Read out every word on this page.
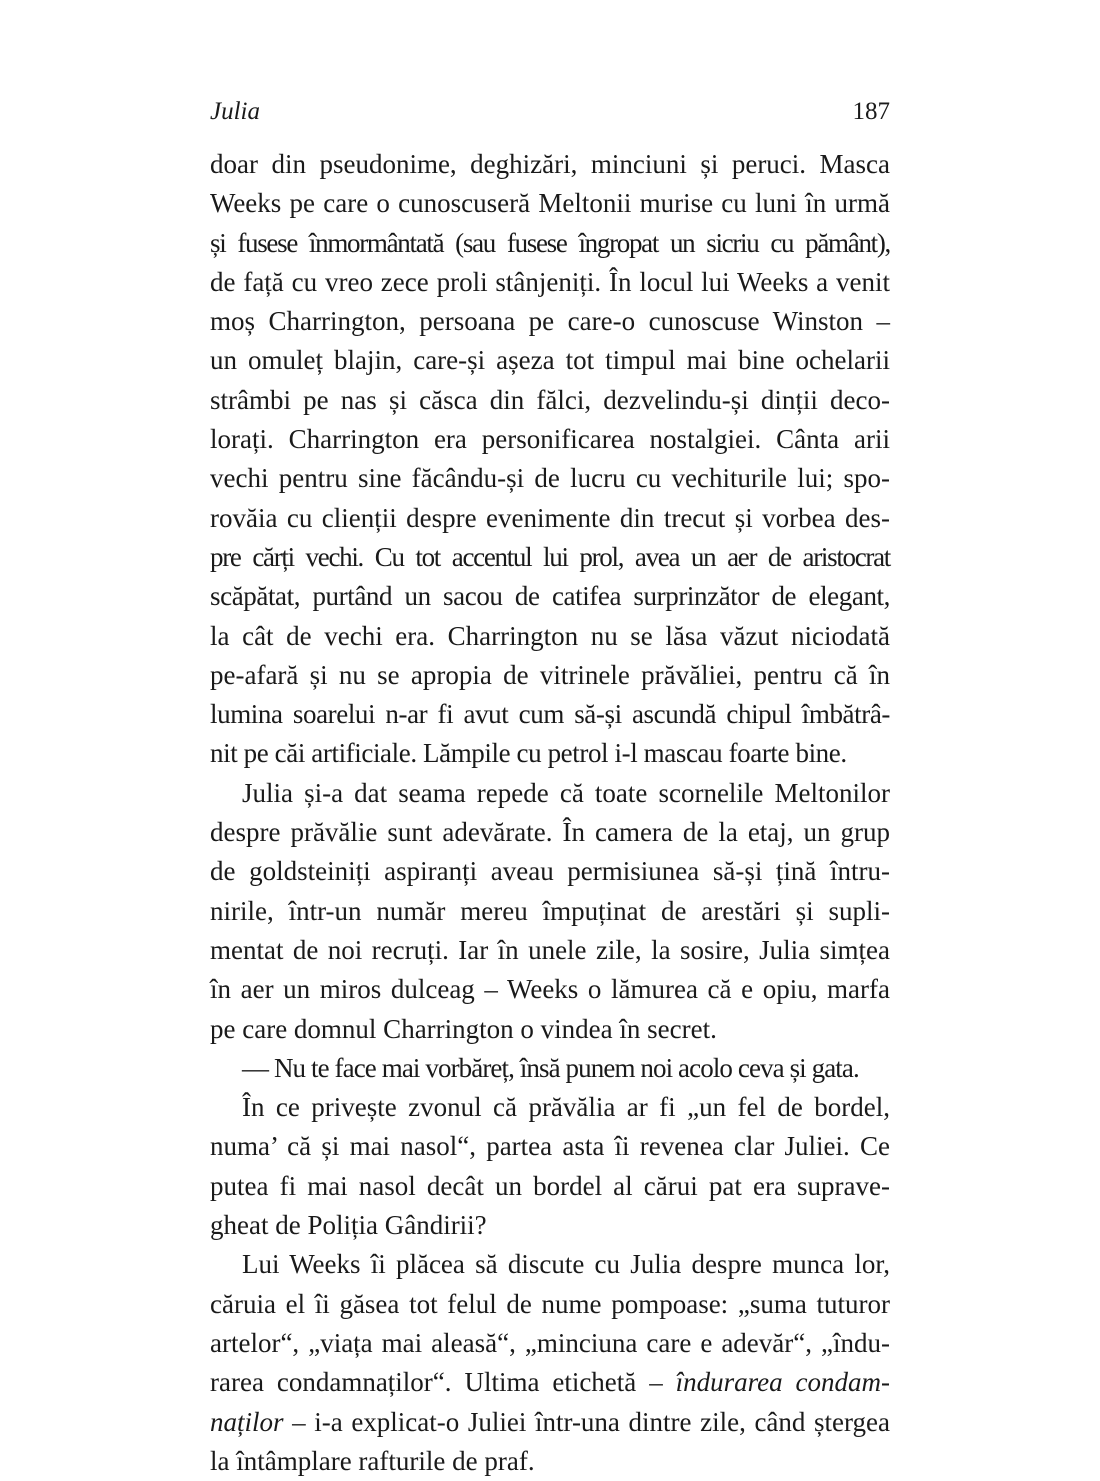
Julia	187
doar din pseudonime, deghizări, minciuni și peruci. Masca
Weeks pe care o cunoscuseră Meltonii murise cu luni în urmă
și fusese înmormântată (sau fusese îngropat un sicriu cu pământ),
de față cu vreo zece proli stânjeniți. În locul lui Weeks a venit
moș Charrington, persoana pe care-o cunoscuse Winston –
un omuleț blajin, care-și așeza tot timpul mai bine ochelarii
strâmbi pe nas și căsca din fălci, dezvelindu-și dinții deco-
lorați. Charrington era personificarea nostalgiei. Cânta arii
vechi pentru sine făcându-și de lucru cu vechiturile lui; spo-
rovăia cu clienții despre evenimente din trecut și vorbea des-
pre cărți vechi. Cu tot accentul lui prol, avea un aer de aristocrat
scăpătat, purtând un sacou de catifea surprinzător de elegant,
la cât de vechi era. Charrington nu se lăsa văzut niciodată
pe-afară și nu se apropia de vitrinele prăvăliei, pentru că în
lumina soarelui n-ar fi avut cum să-și ascundă chipul îmbătrâ-
nit pe căi artificiale. Lămpile cu petrol i-l mascau foarte bine.
Julia și-a dat seama repede că toate scornelile Meltonilor
despre prăvălie sunt adevărate. În camera de la etaj, un grup
de goldsteiniți aspiranți aveau permisiunea să-și țină întru-
nirile, într-un număr mereu împuținat de arestări și supli-
mentat de noi recruți. Iar în unele zile, la sosire, Julia simțea
în aer un miros dulceag – Weeks o lămurea că e opiu, marfa
pe care domnul Charrington o vindea în secret.
— Nu te face mai vorbăreț, însă punem noi acolo ceva și gata.
În ce privește zvonul că prăvălia ar fi „un fel de bordel,
numa’ că și mai nasol“, partea asta îi revenea clar Juliei. Ce
putea fi mai nasol decât un bordel al cărui pat era suprave-
gheat de Poliția Gândirii?
Lui Weeks îi plăcea să discute cu Julia despre munca lor,
căruia el îi găsea tot felul de nume pompoase: „suma tuturor
artelor“, „viața mai aleasă“, „minciuna care e adevăr“, „îndu-
rarea condamnaților“. Ultima etichetă – îndurarea condam-
naților – i-a explicat-o Juliei într-una dintre zile, când ștergea
la întâmplare rafturile de praf.
